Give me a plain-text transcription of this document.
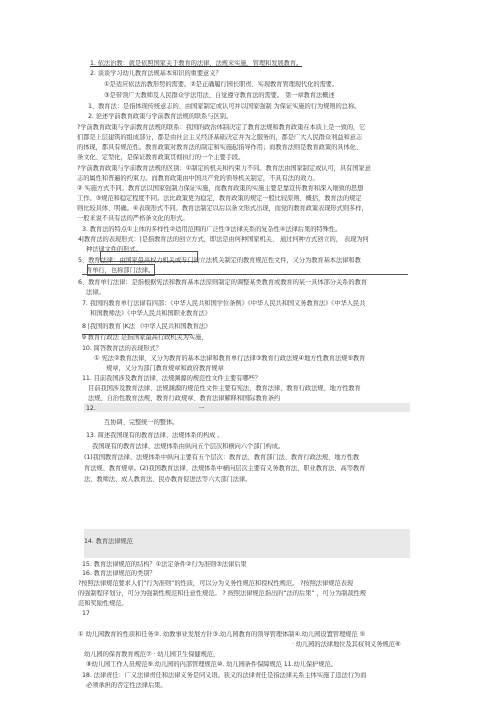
1. 依法治教：就是依照国家关于教育的法律、法规来实施、管理和发展教育。
2. 谈谈学习幼儿教育法规基本知识的重要意义？
①是适应依法治教形势的需要。②是正确履行园长职责、实现教育管理现代化的需要。
③是带领广大教师及人民群众学法用法、自觉遵守教育法的需要。 第一章教育法概述
1、教育法：是指体现传统意志的、由国家制定或认可并以国家强制 为保证实施的行为规则的总称。
2. 论述学前教育政策与学前教育法规的联系与区别。
?学前教育政策与学前教育法规的联系：我国的政治体制决定了教育法规和教育政策在本质上是一致的，它
们都是上层建筑的组成部分，都是由社会主义经济基础决定并为之服务的，都是广大人民群众利益和意志
的体现，都具有规范性。教育政策对教育法的制定和实施起指导作用；而教育法则是教育政策的具体化、
条文化、定型化，是保证教育政策贯彻执行的一个主要手段。
?学前教育政策与学前教育法规的区别：①制定的机关和约束力不同。教育法由国家制定或认可，具有国家意
志的属性和普遍的约束力。而教育政策由中国共产党的领导机关制定，不具有法的效力。
② 实施方式不同。教育法以国家强制力保证实施，而教育政策的实施主要是靠宣传教育和深入细致的思想
工作。③规范和稳定程度不同。法比政策更为稳定，教育政策的规定一般比较原则、概括，教育法的规定
则比较具体、明确。④表现形式不同。教育法制定以后以条文形式出现，而党的教育政策表现形式则多样，
一般来说不具有法的严格条文化的形式。
3. 教育法的特点①主体的多样性②适用范围的广泛性③法律关系的复杂性④法律后果的特殊性。
4|教育法的表现形式：|是指教育法的创立方式，即法是由何种国家机关、 通过何种方式创立的， 表现为何
种法律文件的形式。
5、教育法律：由国家最高权力机关或专门的立法机关制定的教育规范性文件，又分为教育基本法律和教
育单行，也称部门法律。
6、教育单行法律：是指根据宪法和教育基本法原则制定的调整某类教育或教育的某一具体部分关系的教育
法律。
7. 我国的教育单行法律有四部：《中华人民共和国学位条例》《中华人民共和国义务教育法》《中华人民共
和国教师法》《中华人民共和国职业教育法》
8 |我国的教育 |K法 《中华人民共和国教育法》
9 教育行政法 是指国家最高行政机关为实施、
10. 简答教育法的表现形式？
① 宪法②教育法律，又分为教育的基本法律和教育单行法律③教育行政法规④地方性教育法规⑤教育
规章，又分为部门教育规章和政府教育规章
11. 目前我国涉及教育法律、法规渊源的规范性文件主要有哪些？
目前我国涉及教育法律、法规渊源的规范性文件主要有宪法、教育法律、教育行政法规、地方性教育
法规、自治性教育法规、教育行政规章、教育法律解释和国际教育条约
12.	一
互协调、完整统一的整体。
13. 简述我国现有的教育法律、法规体系的构成 。
我国现有的教育法律、法规体系由纵向五个层次和横向六个部门构成。
(1)我国教育法律、法规体系中纵向主要有五个层次：教育法、教育部门法、教育行政法规、地方性教
育法规、教育规章。(2)我国教育法律、法规体系中横向层次主要有义务教育法、职业教育法、高等教育
法、教师法、成人教育法、民办教育促进法等六大部门法律。
14. 教育法律规范
15. 教育法律规范的结构？①法定条件②行为准则③法律后果
16. 教育法律规范的类别？
?按照法律规范要求人们“行为准则”的性质，可以分为义务性规范和授权性规范。 ?按照法律规范表现
的强制程序划分，可分为强制性规范和任意性规范。 ? 按照法律规范指出的“法的后果” ，可分为制裁性规
范和奖励性规范。
17
① 幼儿园教育的性质和任务②. 幼教事业发展方针③.幼儿园教育的领导管理体制④.幼儿园设置管理规范 ⑤
· 幼儿园的法律地位及其权利义务规范⑥
幼儿园的保育教育规范⑦ · 幼儿园卫生保健规范，
⑧幼儿园工作人员规范⑨.幼儿园的内部管理规范⑩. 幼儿园条件保障规范 11.幼儿保护规范。
18. 法律责任：广义法律责任和法律义务是同义语。狭义的法律责任是指法律关系主体实施了违法行为而
必须承担的否定性法律后果。
